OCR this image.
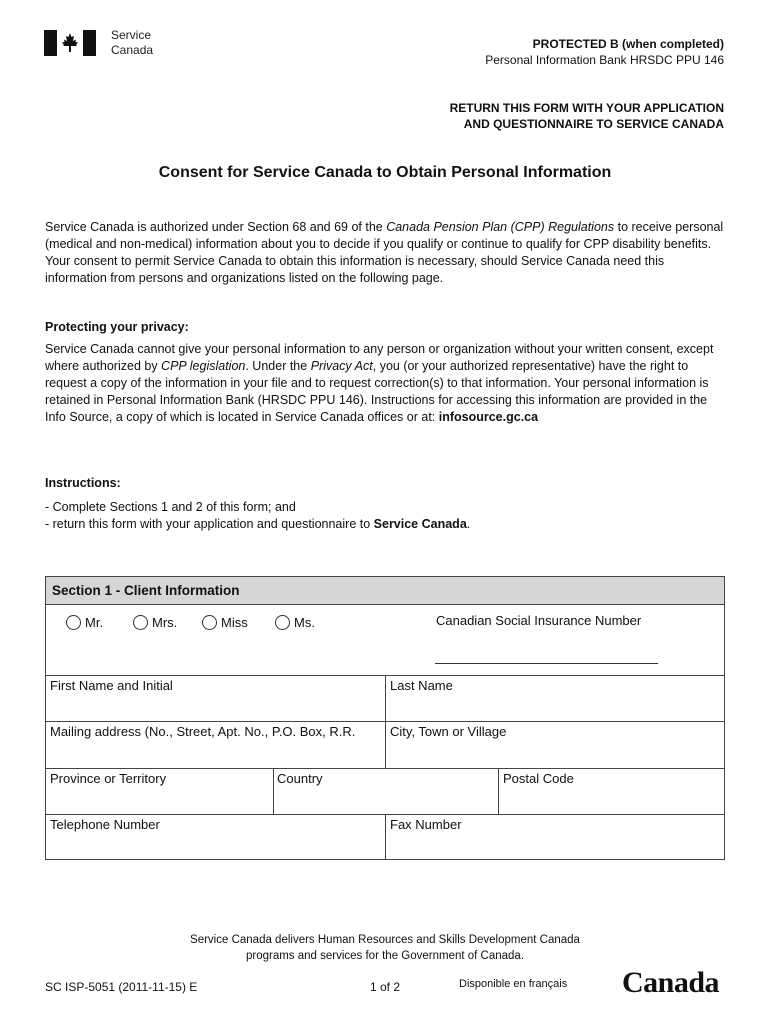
Service
Canada	PROTECTED B (when completed)
Personal Information Bank HRSDC PPU 146
RETURN THIS FORM WITH YOUR APPLICATION
AND QUESTIONNAIRE TO SERVICE CANADA
Consent for Service Canada to Obtain Personal Information
Service Canada is authorized under Section 68 and 69 of the Canada Pension Plan (CPP) Regulations to receive personal (medical and non-medical) information about you to decide if you qualify or continue to qualify for CPP disability benefits. Your consent to permit Service Canada to obtain this information is necessary, should Service Canada need this information from persons and organizations listed on the following page.
Protecting your privacy:
Service Canada cannot give your personal information to any person or organization without your written consent, except where authorized by CPP legislation. Under the Privacy Act, you (or your authorized representative) have the right to request a copy of the information in your file and to request correction(s) to that information. Your personal information is retained in Personal Information Bank (HRSDC PPU 146). Instructions for accessing this information are provided in the Info Source, a copy of which is located in Service Canada offices or at: infosource.gc.ca
Instructions:
- Complete Sections 1 and 2 of this form; and
- return this form with your application and questionnaire to Service Canada.
Section 1 - Client Information
Mr.	Mrs.	Miss	Ms.	Canadian Social Insurance Number
First Name and Initial	Last Name
Mailing address (No., Street, Apt. No., P.O. Box, R.R.	City, Town or Village
Province or Territory	Country	Postal Code
Telephone Number	Fax Number
Service Canada delivers Human Resources and Skills Development Canada
programs and services for the Government of Canada.
SC ISP-5051 (2011-11-15) E	1 of 2	Disponible en français Canada
